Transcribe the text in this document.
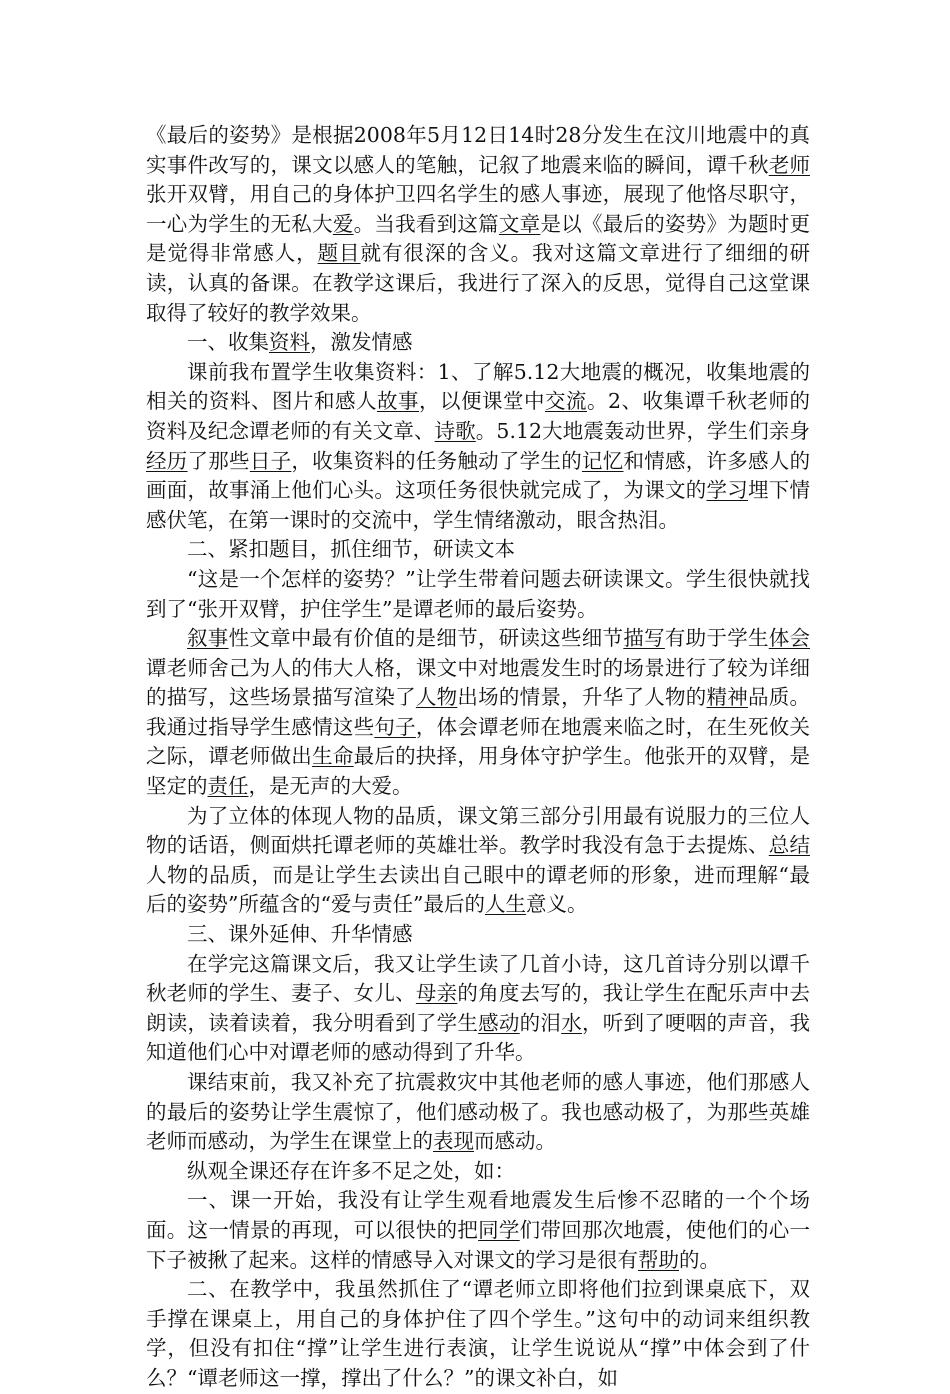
《最后的姿势》是根据2008年5月12日14时28分发生在汶川地震中的真实事件改写的，课文以感人的笔触，记叙了地震来临的瞬间，谭千秋老师张开双臂，用自己的身体护卫四名学生的感人事迹，展现了他恪尽职守，一心为学生的无私大爱。当我看到这篇文章是以《最后的姿势》为题时更是觉得非常感人，题目就有很深的含义。我对这篇文章进行了细细的研读，认真的备课。在教学这课后，我进行了深入的反思，觉得自己这堂课取得了较好的教学效果。

一、收集资料，激发情感

课前我布置学生收集资料：1、了解5.12大地震的概况，收集地震的相关的资料、图片和感人故事，以便课堂中交流。2、收集谭千秋老师的资料及纪念谭老师的有关文章、诗歌。5.12大地震轰动世界，学生们亲身经历了那些日子，收集资料的任务触动了学生的记忆和情感，许多感人的画面，故事涌上他们心头。这项任务很快就完成了，为课文的学习埋下情感伏笔，在第一课时的交流中，学生情绪激动，眼含热泪。

二、紧扣题目，抓住细节，研读文本

“这是一个怎样的姿势？”让学生带着问题去研读课文。学生很快就找到了“张开双臂，护住学生”是谭老师的最后姿势。

叙事性文章中最有价值的是细节，研读这些细节描写有助于学生体会谭老师舍己为人的伟大人格，课文中对地震发生时的场景进行了较为详细的描写，这些场景描写渲染了人物出场的情景，升华了人物的精神品质。我通过指导学生感情这些句子，体会谭老师在地震来临之时，在生死攸关之际，谭老师做出生命最后的抉择，用身体守护学生。他张开的双臂，是坚定的责任，是无声的大爱。

为了立体的体现人物的品质，课文第三部分引用最有说服力的三位人物的话语，侧面烘托谭老师的英雄壮举。教学时我没有急于去提炼、总结人物的品质，而是让学生去读出自己眼中的谭老师的形象，进而理解“最后的姿势”所蕴含的“爱与责任”最后的人生意义。

三、课外延伸、升华情感

在学完这篇课文后，我又让学生读了几首小诗，这几首诗分别以谭千秋老师的学生、妻子、女儿、母亲的角度去写的，我让学生在配乐声中去朗读，读着读着，我分明看到了学生感动的泪水，听到了哽咽的声音，我知道他们心中对谭老师的感动得到了升华。

课结束前，我又补充了抗震救灾中其他老师的感人事迹，他们那感人的最后的姿势让学生震惊了，他们感动极了。我也感动极了，为那些英雄老师而感动，为学生在课堂上的表现而感动。

纵观全课还存在许多不足之处，如：

一、课一开始，我没有让学生观看地震发生后惨不忍睹的一个个场面。这一情景的再现，可以很快的把同学们带回那次地震，使他们的心一下子被揪了起来。这样的情感导入对课文的学习是很有帮助的。

二、在教学中，我虽然抓住了“谭老师立即将他们拉到课桌底下，双手撑在课桌上，用自己的身体护住了四个学生。”这句中的动词来组织教学，但没有扣住“撑”让学生进行表演，让学生说说从“撑”中体会到了什么？“谭老师这一撑，撑出了什么？”的课文补白，如
